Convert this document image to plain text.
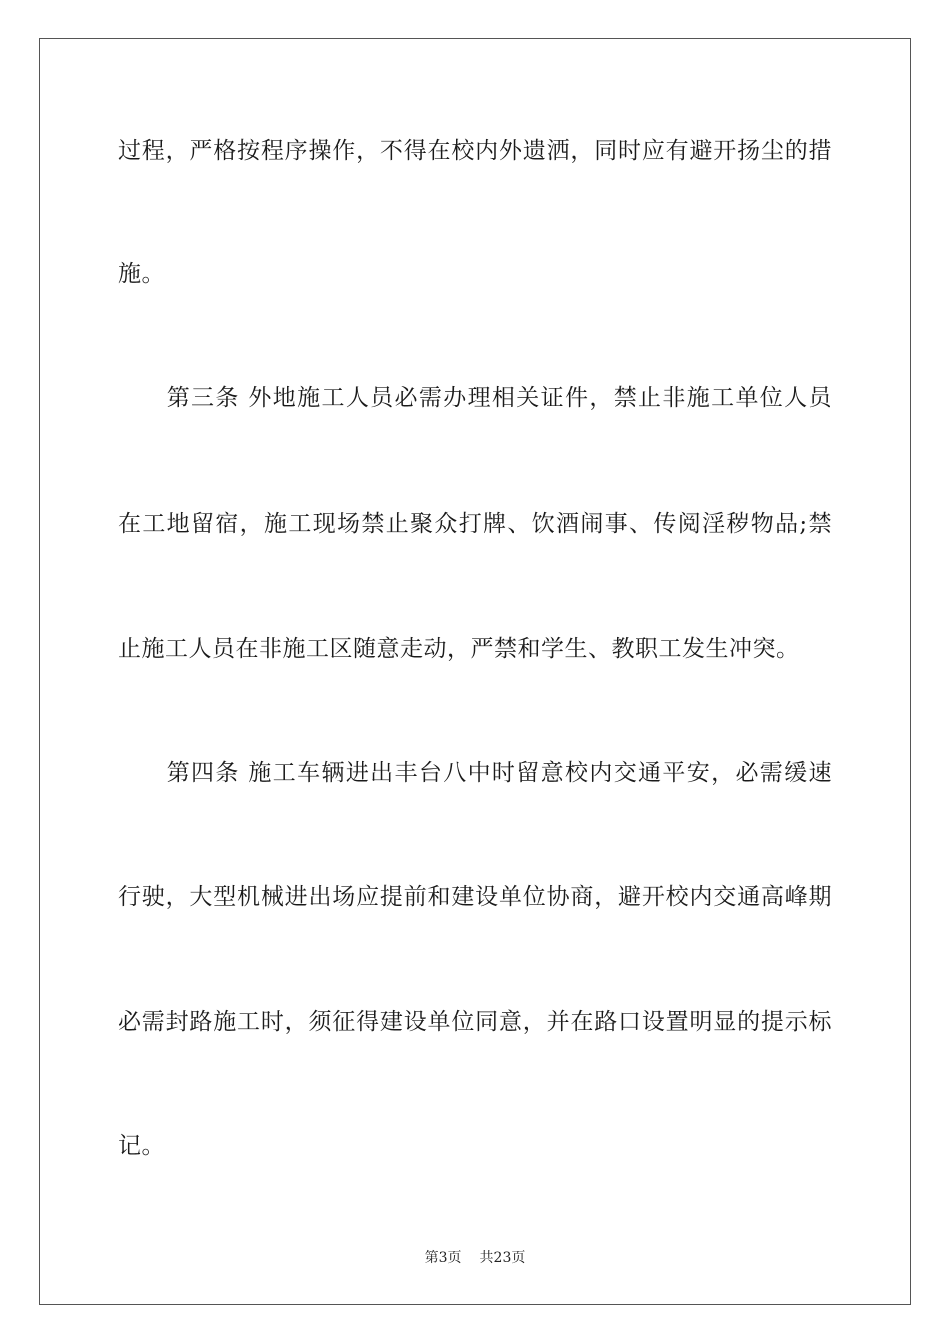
过程，严格按程序操作，不得在校内外遗洒，同时应有避开扬尘的措
施。
　　第三条 外地施工人员必需办理相关证件，禁止非施工单位人员
在工地留宿，施工现场禁止聚众打牌、饮酒闹事、传阅淫秽物品;禁
止施工人员在非施工区随意走动，严禁和学生、教职工发生冲突。
　　第四条 施工车辆进出丰台八中时留意校内交通平安，必需缓速
行驶，大型机械进出场应提前和建设单位协商，避开校内交通高峰期
必需封路施工时，须征得建设单位同意，并在路口设置明显的提示标
记。
第3页 共23页
